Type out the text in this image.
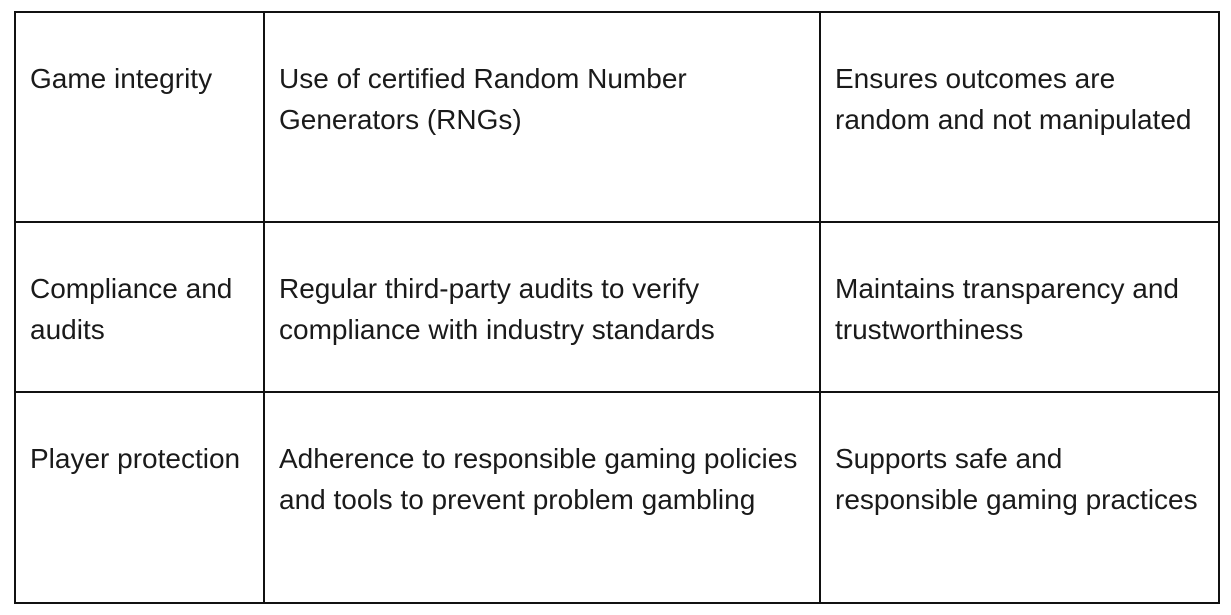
Game integrity	Use of certified Random Number Generators (RNGs)	Ensures outcomes are random and not manipulated

Compliance and audits	Regular third-party audits to verify compliance with industry standards	Maintains transparency and trustworthiness

Player protection	Adherence to responsible gaming policies and tools to prevent problem gambling	Supports safe and responsible gaming practices
